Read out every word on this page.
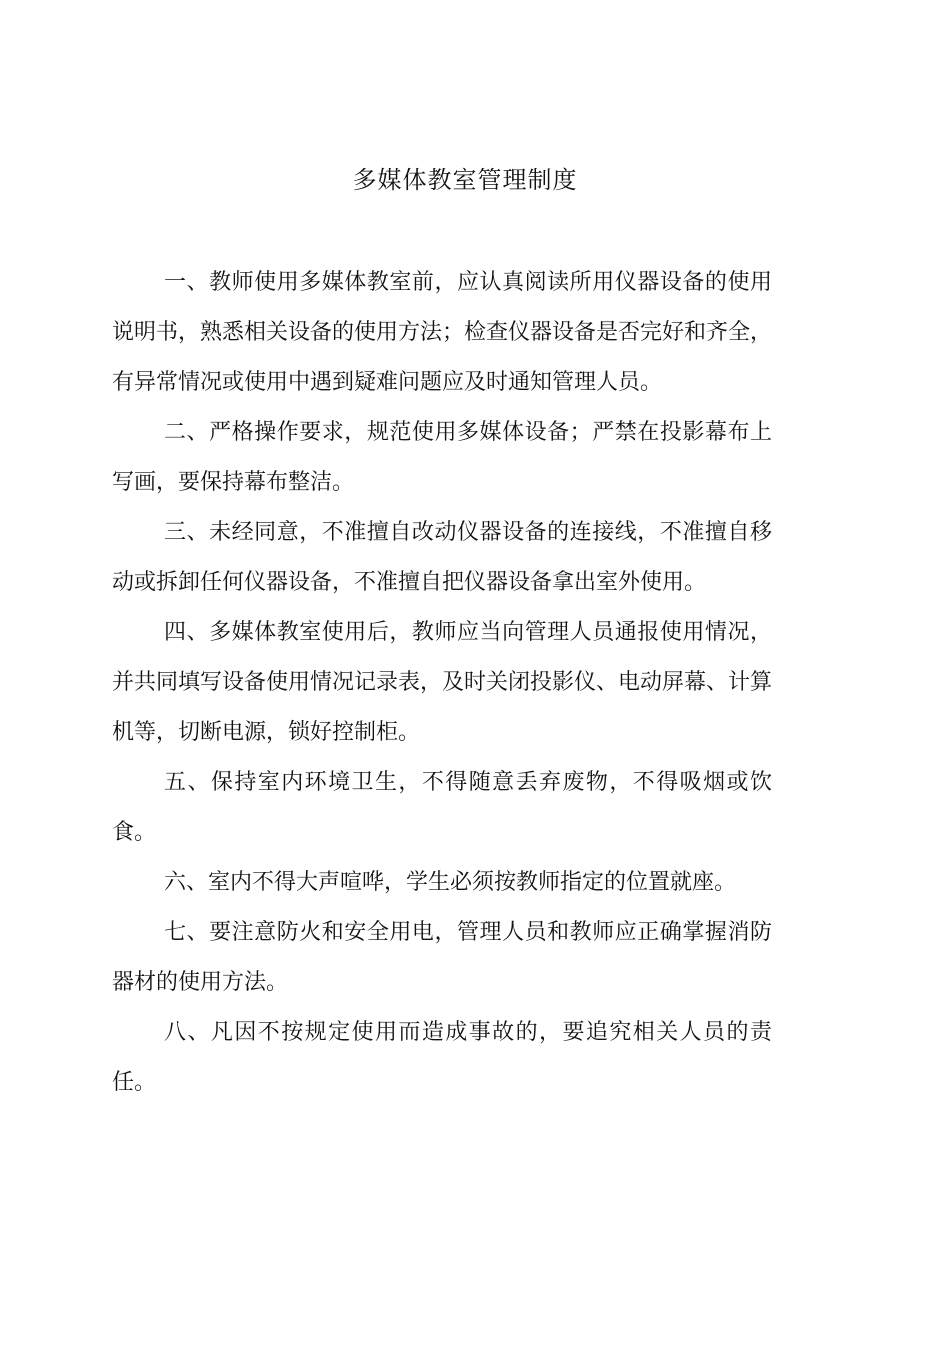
多媒体教室管理制度

一、教师使用多媒体教室前，应认真阅读所用仪器设备的使用说明书，熟悉相关设备的使用方法；检查仪器设备是否完好和齐全，有异常情况或使用中遇到疑难问题应及时通知管理人员。

二、严格操作要求，规范使用多媒体设备；严禁在投影幕布上写画，要保持幕布整洁。

三、未经同意，不准擅自改动仪器设备的连接线，不准擅自移动或拆卸任何仪器设备，不准擅自把仪器设备拿出室外使用。

四、多媒体教室使用后，教师应当向管理人员通报使用情况，并共同填写设备使用情况记录表，及时关闭投影仪、电动屏幕、计算机等，切断电源，锁好控制柜。

五、保持室内环境卫生，不得随意丢弃废物，不得吸烟或饮食。

六、室内不得大声喧哗，学生必须按教师指定的位置就座。

七、要注意防火和安全用电，管理人员和教师应正确掌握消防器材的使用方法。

八、凡因不按规定使用而造成事故的，要追究相关人员的责任。
